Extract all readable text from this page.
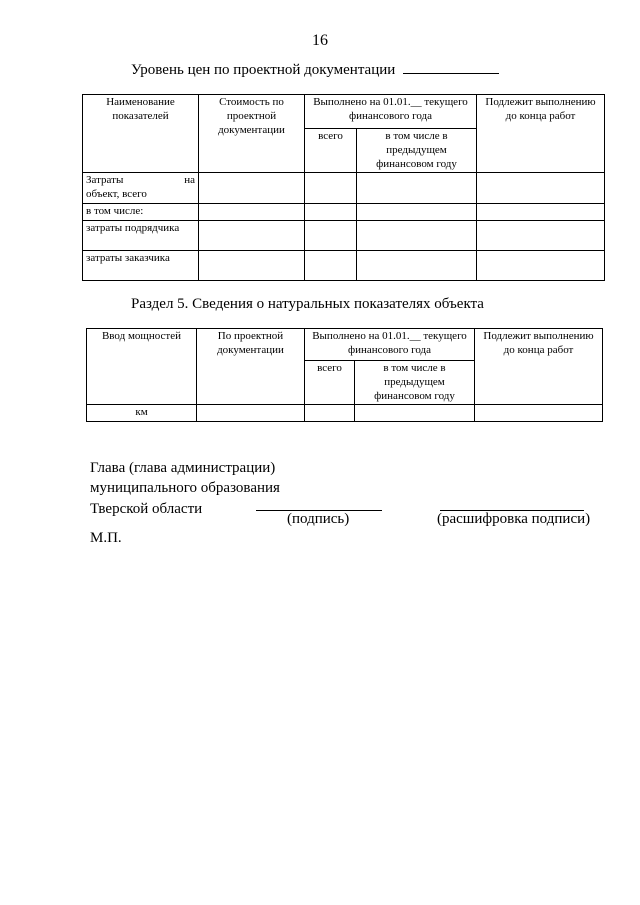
16
Уровень цен по проектной документации
Наименование показателей	Стоимость по проектной документации	Выполнено на 01.01.__ текущего финансового года		Подлежит выполнению до конца работ
		всего	в том числе в предыдущем финансовом году	

Затраты на
объект, всего				

в том числе:				
затраты подрядчика				
затраты заказчика				
Раздел 5. Сведения о натуральных показателях объекта
Ввод мощностей	По проектной документации	Выполнено на 01.01.__ текущего финансового года		Подлежит выполнению до конца работ
		всего	в том числе в предыдущем финансовом году	
км				
Глава (глава администрации)
муниципального образования
Тверской области
(подпись)	(расшифровка подписи)
М.П.
